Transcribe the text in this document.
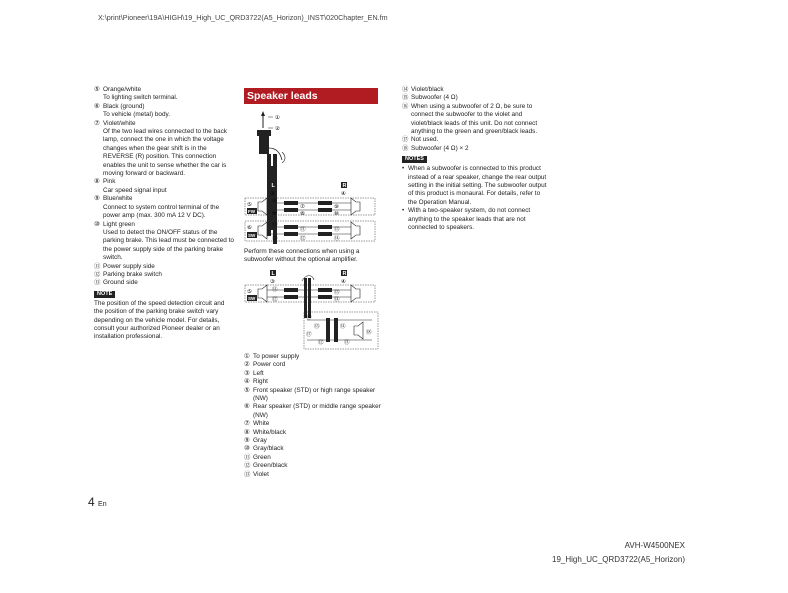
X:\print\Pioneer\19A\HIGH\19_High_UC_QRD3722(A5_Horizon)_INST\020Chapter_EN.fm
⑤ Orange/white
To lighting switch terminal.
⑥ Black (ground)
To vehicle (metal) body.
⑦ Violet/white
Of the two lead wires connected to the back lamp, connect the one in which the voltage changes when the gear shift is in the REVERSE (R) position. This connection enables the unit to sense whether the car is moving forward or backward.
⑧ Pink
Car speed signal input
⑨ Blue/white
Connect to system control terminal of the power amp (max. 300 mA 12 V DC).
⑩ Light green
Used to detect the ON/OFF status of the parking brake. This lead must be connected to the power supply side of the parking brake switch.
⑪ Power supply side
⑫ Parking brake switch
⑬ Ground side
NOTE
The position of the speed detection circuit and the position of the parking brake switch vary depending on the vehicle model. For details, consult your authorized Pioneer dealer or an installation professional.
Speaker leads
①
②
L	R
③	④
⑤
FW
⑦
⑧
⑦
⑧
⑨
⑩
⑥
SW
⑪
⑫
⑪
⑫
⑬
⑭
L	R
③	④
⑤
SW
⑪
⑫
⑬
⑭
⑯
⑬	⑭
⑰
⑫	⑪
⑱
Perform these connections when using a subwoofer without the optional amplifier.
① To power supply
② Power cord
③ Left
④ Right
⑤ Front speaker (STD) or high range speaker (NW)
⑥ Rear speaker (STD) or middle range speaker (NW)
⑦ White
⑧ White/black
⑨ Gray
⑩ Gray/black
⑪ Green
⑫ Green/black
⑬ Violet
⑭ Violet/black
⑮ Subwoofer (4 Ω)
⑯ When using a subwoofer of 2 Ω, be sure to connect the subwoofer to the violet and violet/black leads of this unit. Do not connect anything to the green and green/black leads.
⑰ Not used.
⑱ Subwoofer (4 Ω) × 2
NOTES
• When a subwoofer is connected to this product instead of a rear speaker, change the rear output setting in the initial setting. The subwoofer output of this product is monaural. For details, refer to the Operation Manual.
• With a two-speaker system, do not connect anything to the speaker leads that are not connected to speakers.
4 En
AVH-W4500NEX
19_High_UC_QRD3722(A5_Horizon)
